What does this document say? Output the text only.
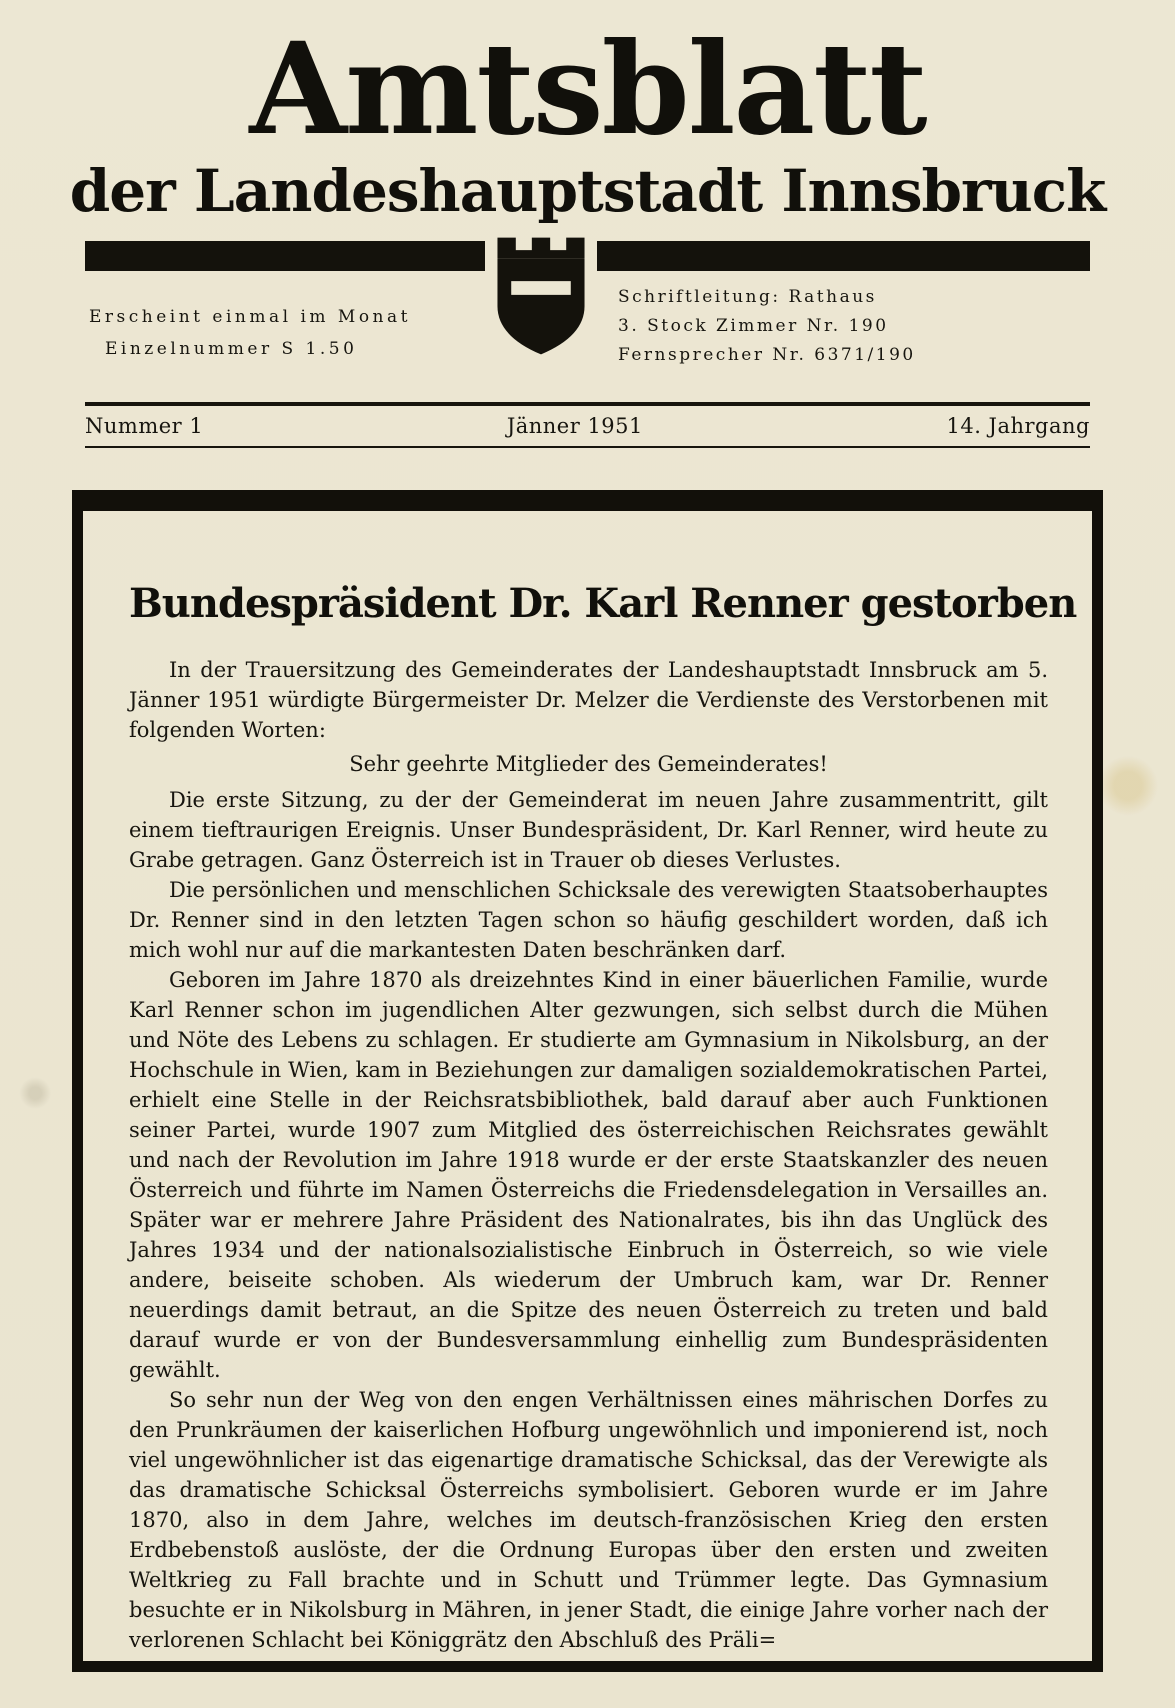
Amtsblatt
der Landeshauptstadt Innsbruck
Erscheint einmal im Monat
Einzelnummer S 1.50
Schriftleitung: Rathaus
3. Stock Zimmer Nr. 190
Fernsprecher Nr. 6371/190
Nummer 1	Jänner 1951	14. Jahrgang
Bundespräsident Dr. Karl Renner gestorben

In der Trauersitzung des Gemeinderates der Landeshauptstadt Innsbruck am 5. Jänner 1951 würdigte Bürgermeister Dr. Melzer die Verdienste des Verstorbenen mit folgenden Worten:

Sehr geehrte Mitglieder des Gemeinderates!

Die erste Sitzung, zu der der Gemeinderat im neuen Jahre zusammentritt, gilt einem tieftraurigen Ereignis. Unser Bundespräsident, Dr. Karl Renner, wird heute zu Grabe getragen. Ganz Österreich ist in Trauer ob dieses Verlustes.

Die persönlichen und menschlichen Schicksale des verewigten Staatsoberhauptes Dr. Renner sind in den letzten Tagen schon so häufig geschildert worden, daß ich mich wohl nur auf die markantesten Daten beschränken darf.

Geboren im Jahre 1870 als dreizehntes Kind in einer bäuerlichen Familie, wurde Karl Renner schon im jugendlichen Alter gezwungen, sich selbst durch die Mühen und Nöte des Lebens zu schlagen. Er studierte am Gymnasium in Nikolsburg, an der Hochschule in Wien, kam in Beziehungen zur damaligen sozialdemokratischen Partei, erhielt eine Stelle in der Reichsratsbibliothek, bald darauf aber auch Funktionen seiner Partei, wurde 1907 zum Mitglied des österreichischen Reichsrates gewählt und nach der Revolution im Jahre 1918 wurde er der erste Staatskanzler des neuen Österreich und führte im Namen Österreichs die Friedensdelegation in Versailles an. Später war er mehrere Jahre Präsident des Nationalrates, bis ihn das Unglück des Jahres 1934 und der nationalsozialistische Einbruch in Österreich, so wie viele andere, beiseite schoben. Als wiederum der Umbruch kam, war Dr. Renner neuerdings damit betraut, an die Spitze des neuen Österreich zu treten und bald darauf wurde er von der Bundesversammlung einhellig zum Bundespräsidenten gewählt.

So sehr nun der Weg von den engen Verhältnissen eines mährischen Dorfes zu den Prunkräumen der kaiserlichen Hofburg ungewöhnlich und imponierend ist, noch viel ungewöhnlicher ist das eigenartige dramatische Schicksal, das der Verewigte als das dramatische Schicksal Österreichs symbolisiert. Geboren wurde er im Jahre 1870, also in dem Jahre, welches im deutsch-französischen Krieg den ersten Erdbebenstoß auslöste, der die Ordnung Europas über den ersten und zweiten Weltkrieg zu Fall brachte und in Schutt und Trümmer legte. Das Gymnasium besuchte er in Nikolsburg in Mähren, in jener Stadt, die einige Jahre vorher nach der verlorenen Schlacht bei Königgrätz den Abschluß des Präli=
